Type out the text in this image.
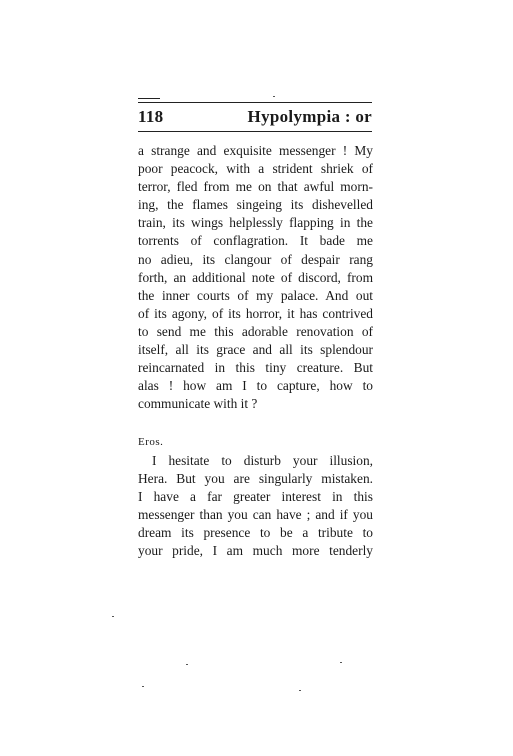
118	Hypolympia : or
a strange and exquisite messenger ! My
poor peacock, with a strident shriek of
terror, fled from me on that awful morn-
ing, the flames singeing its dishevelled
train, its wings helplessly flapping in the
torrents of conflagration. It bade me
no adieu, its clangour of despair rang
forth, an additional note of discord, from
the inner courts of my palace. And out
of its agony, of its horror, it has contrived
to send me this adorable renovation of
itself, all its grace and all its splendour
reincarnated in this tiny creature. But
alas ! how am I to capture, how to
communicate with it ?
Eros.
I hesitate to disturb your illusion,
Hera. But you are singularly mistaken.
I have a far greater interest in this
messenger than you can have ; and if you
dream its presence to be a tribute to
your pride, I am much more tenderly
